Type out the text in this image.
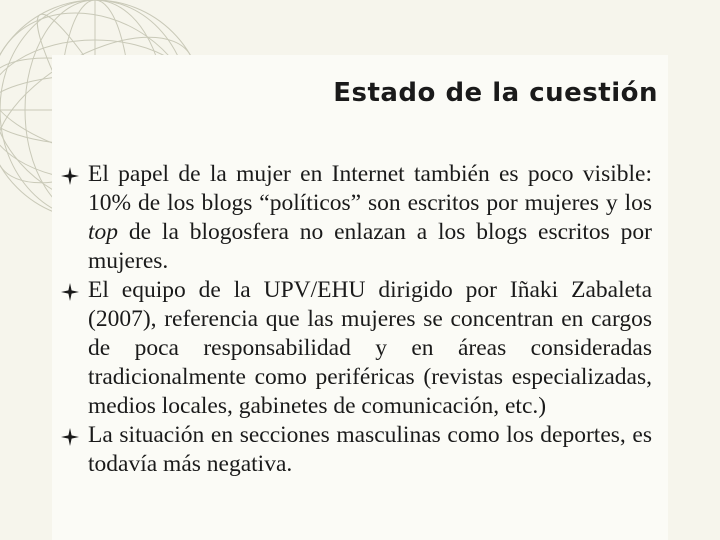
Estado de la cuestión
El papel de la mujer en Internet también es poco visible: 10% de los blogs “políticos” son escritos por mujeres y los top de la blogosfera no enlazan a los blogs escritos por mujeres.
El equipo de la UPV/EHU dirigido por Iñaki Zabaleta (2007), referencia que las mujeres se concentran en cargos de poca responsabilidad y en áreas consideradas tradicionalmente como periféricas (revistas especializadas, medios locales, gabinetes de comunicación, etc.)
La situación en secciones masculinas como los deportes, es todavía más negativa.
